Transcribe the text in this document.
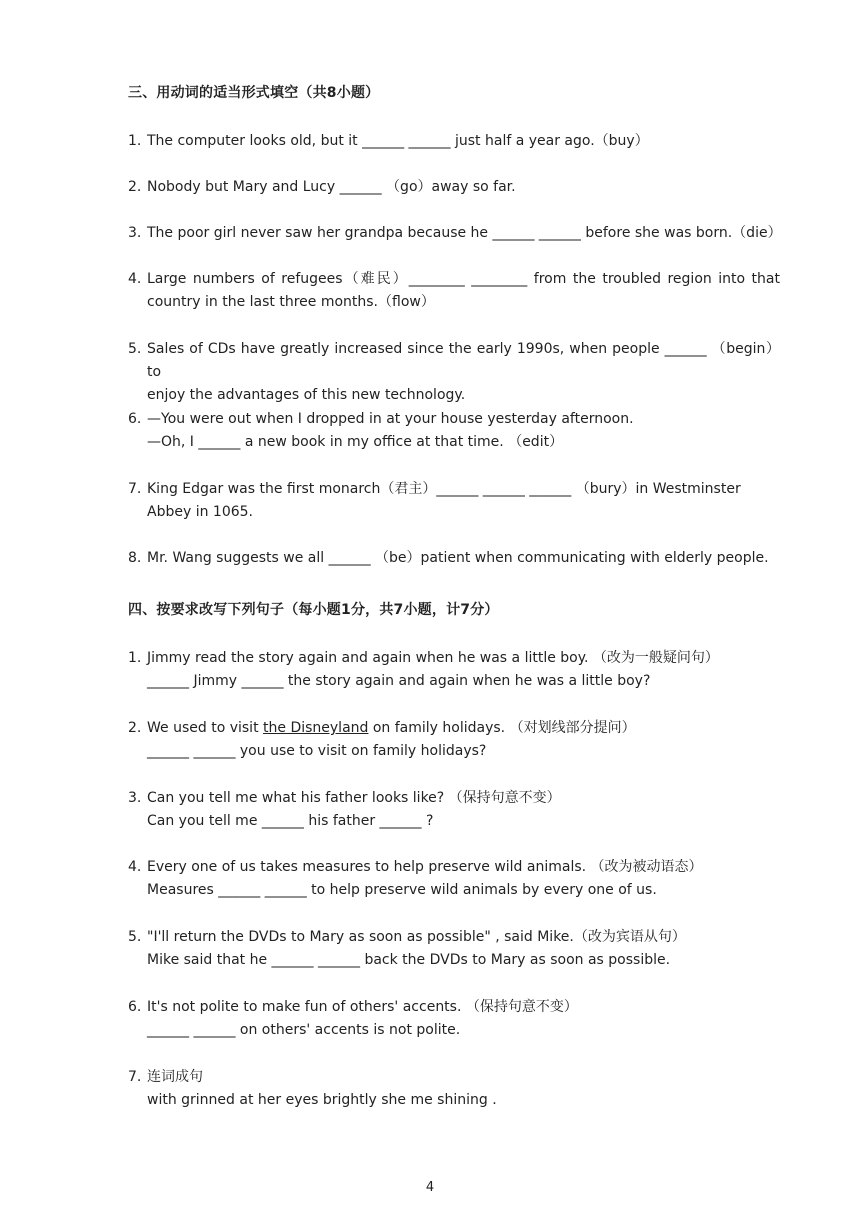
三、用动词的适当形式填空（共8小题）
1. The computer looks old, but it ______ ______ just half a year ago.（buy）
2. Nobody but Mary and Lucy ______ （go）away so far.
3. The poor girl never saw her grandpa because he ______ ______ before she was born.（die）
4. Large numbers of refugees（难民）________ ________ from the troubled region into that
country in the last three months.（flow）
5. Sales of CDs have greatly increased since the early 1990s, when people ______ （begin） to
enjoy the advantages of this new technology.
6. —You were out when I dropped in at your house yesterday afternoon.
—Oh, I ______ a new book in my office at that time. （edit）
7. King Edgar was the first monarch（君主）______ ______ ______ （bury）in Westminster
Abbey in 1065.
8. Mr. Wang suggests we all ______ （be）patient when communicating with elderly people.
四、按要求改写下列句子（每小题1分，共7小题，计7分）
1. Jimmy read the story again and again when he was a little boy. （改为一般疑问句）
______ Jimmy ______ the story again and again when he was a little boy?
2. We used to visit the Disneyland on family holidays. （对划线部分提问）
______ ______ you use to visit on family holidays?
3. Can you tell me what his father looks like? （保持句意不变）
Can you tell me ______ his father ______ ?
4. Every one of us takes measures to help preserve wild animals. （改为被动语态）
Measures ______ ______ to help preserve wild animals by every one of us.
5. "I'll return the DVDs to Mary as soon as possible" , said Mike.（改为宾语从句）
Mike said that he ______ ______ back the DVDs to Mary as soon as possible.
6. It's not polite to make fun of others' accents. （保持句意不变）
______ ______ on others' accents is not polite.
7. 连词成句
with grinned at her eyes brightly she me shining .
4
